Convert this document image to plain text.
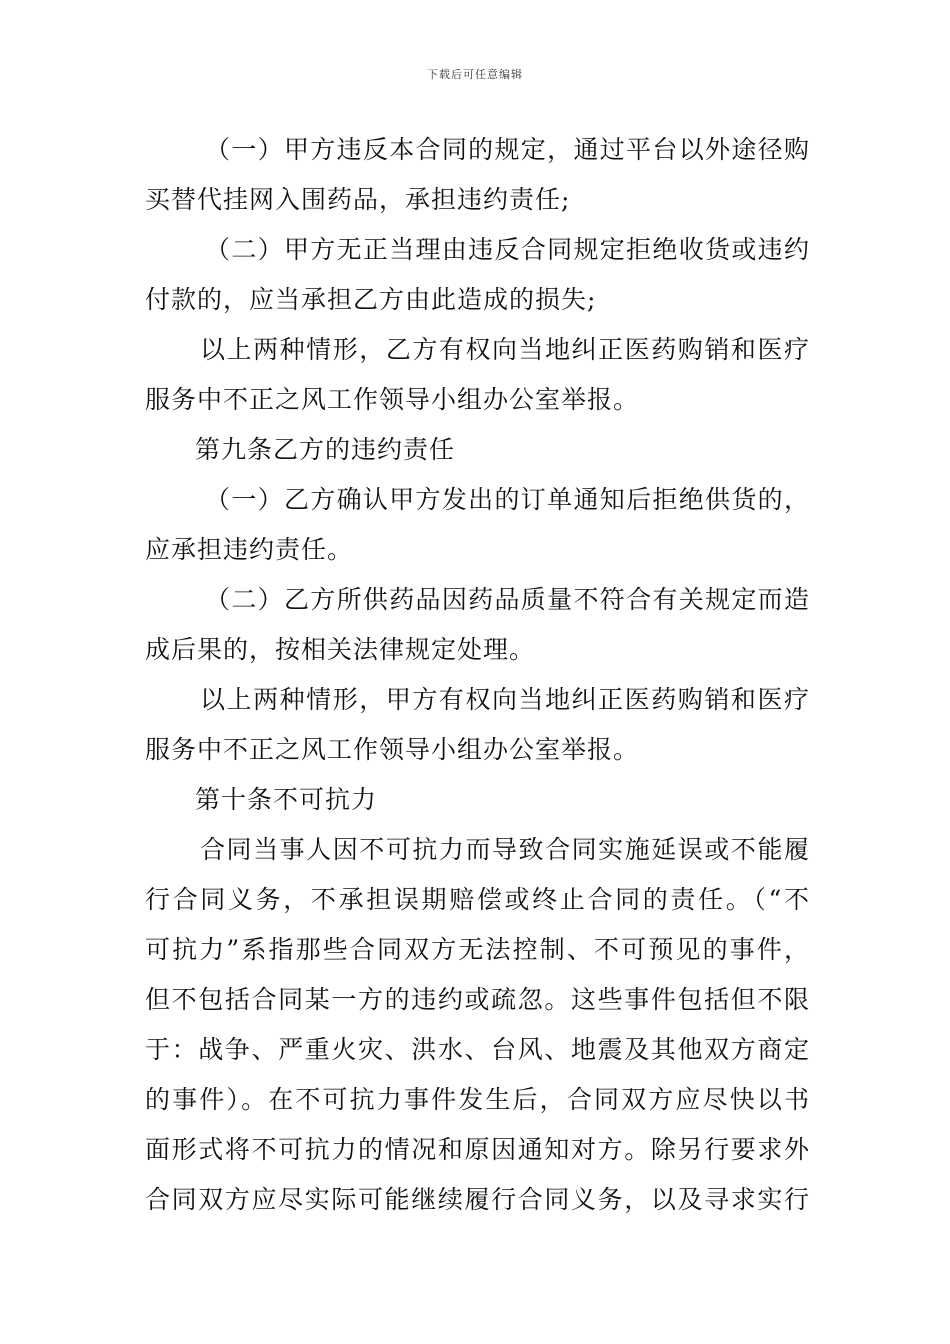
下载后可任意编辑
（一）甲方违反本合同的规定，通过平台以外途径购
买替代挂网入围药品，承担违约责任;
（二）甲方无正当理由违反合同规定拒绝收货或违约
付款的，应当承担乙方由此造成的损失;
以上两种情形，乙方有权向当地纠正医药购销和医疗
服务中不正之风工作领导小组办公室举报。
第九条乙方的违约责任
（一）乙方确认甲方发出的订单通知后拒绝供货的，
应承担违约责任。
（二）乙方所供药品因药品质量不符合有关规定而造
成后果的，按相关法律规定处理。
以上两种情形，甲方有权向当地纠正医药购销和医疗
服务中不正之风工作领导小组办公室举报。
第十条不可抗力
合同当事人因不可抗力而导致合同实施延误或不能履
行合同义务，不承担误期赔偿或终止合同的责任。（“不
可抗力”系指那些合同双方无法控制、不可预见的事件，
但不包括合同某一方的违约或疏忽。这些事件包括但不限
于：战争、严重火灾、洪水、台风、地震及其他双方商定
的事件）。在不可抗力事件发生后，合同双方应尽快以书
面形式将不可抗力的情况和原因通知对方。除另行要求外
合同双方应尽实际可能继续履行合同义务，以及寻求实行
